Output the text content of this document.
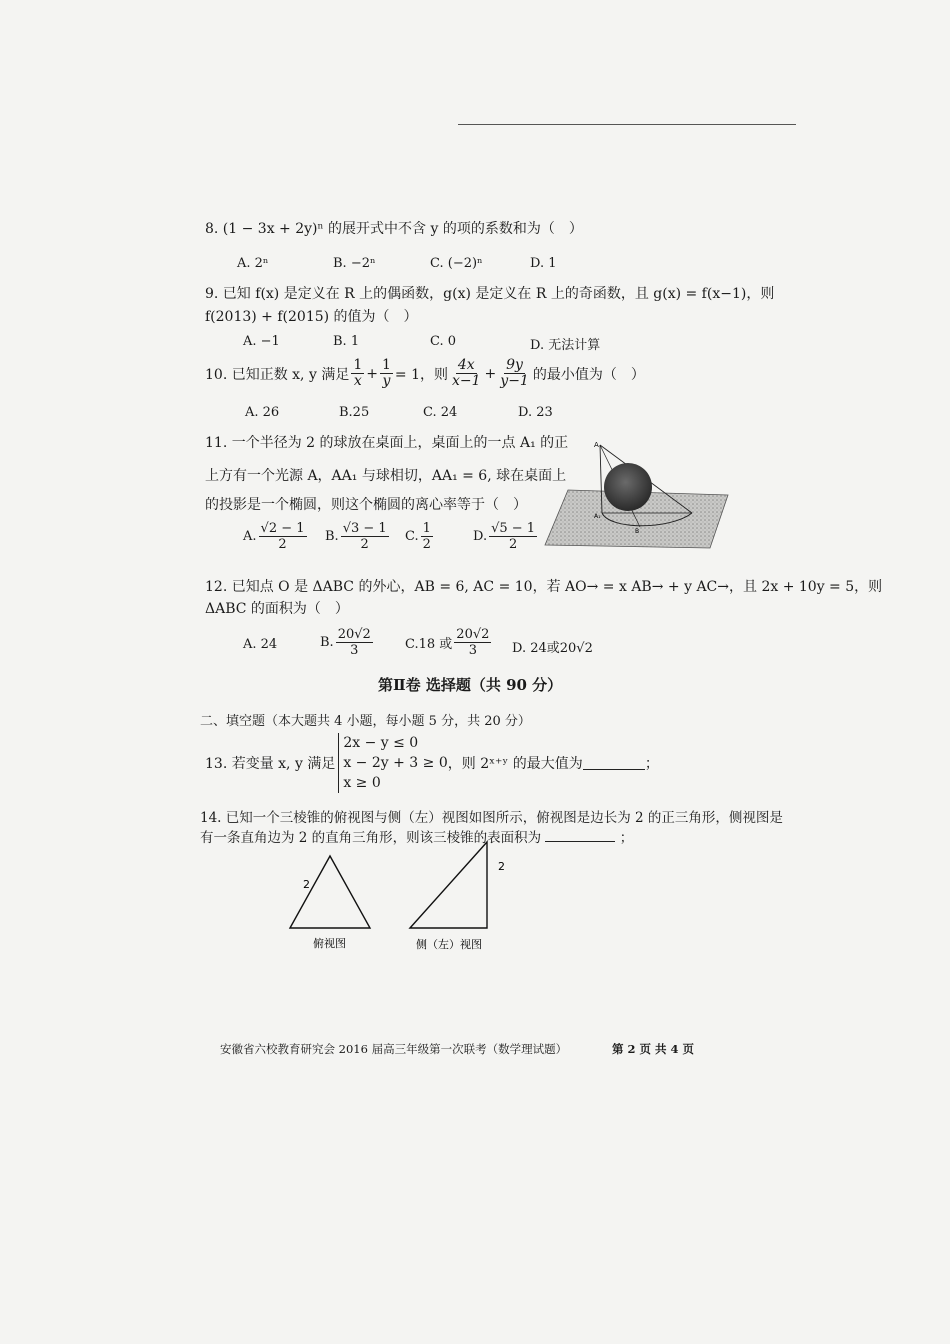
8. (1 − 3x + 2y)ⁿ 的展开式中不含 y 的项的系数和为（　）
A. 2ⁿ	B. −2ⁿ	C. (−2)ⁿ	D. 1
9. 已知 f(x) 是定义在 R 上的偶函数，g(x) 是定义在 R 上的奇函数，且 g(x) = f(x−1)，则
f(2013) + f(2015) 的值为（　）
A. −1	B. 1	C. 0	D. 无法计算
10. 已知正数 x, y 满足 $\frac{1}{x} + \frac{1}{y} = 1$，则 $\frac{4x}{x-1} + \frac{9y}{y-1}$ 的最小值为（　）
A. 26	B.25	C. 24	D. 23
11. 一个半径为 2 的球放在桌面上，桌面上的一点 A₁ 的正
上方有一个光源 A，AA₁ 与球相切，AA₁ = 6, 球在桌面上
的投影是一个椭圆，则这个椭圆的离心率等于（　）
A. $\frac{√2 - 1}{2} B$. $\frac{√3 - 1}{2} C$. $\frac{1}{2}$	D. $\frac{√5 - 1}{2}$
A
A₁
B
12. 已知点 O 是 ΔABC 的外心，AB = 6, AC = 10，若 AO→ = x AB→ + y AC→，且 2x + 10y = 5，则
ΔABC 的面积为（　）
A. 24	B. $\frac{20√2}{3} C.18$ 或 $\frac{20√2}{3} D$. 24或20√2
第Ⅱ卷 选择题（共 90 分）
二、填空题（本大题共 4 小题，每小题 5 分，共 20 分）
13. 若变量 x, y 满足
2x − y ≤ 0
x − 2y + 3 ≥ 0
x ≥ 0
，则 2ˣ⁺ʸ 的最大值为	；
14. 已知一个三棱锥的俯视图与侧（左）视图如图所示，俯视图是边长为 2 的正三角形，侧视图是
有一条直角边为 2 的直角三角形，则该三棱锥的表面积为	；
2
俯视图
2
侧（左）视图
安徽省六校教育研究会 2016 届高三年级第一次联考（数学理试题）	第 2 页 共 4 页
